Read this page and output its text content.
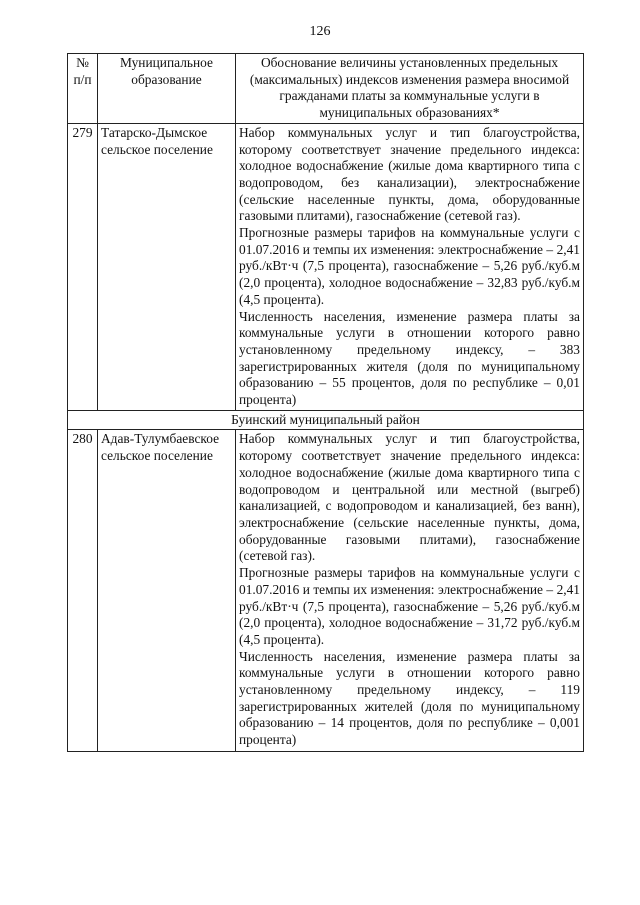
126
№ п/п	Муниципальное образование	Обоснование величины установленных предельных (максимальных) индексов изменения размера вносимой гражданами платы за коммунальные услуги в муниципальных образованиях*
279	Татарско-Дымское сельское поселение	Набор коммунальных услуг и тип благоустройства, которому соответствует значение предельного индекса: холодное водоснабжение (жилые дома квартирного типа с водопроводом, без канализации), электроснабжение (сельские населенные пункты, дома, оборудованные газовыми плитами), газоснабжение (сетевой газ).

Прогнозные размеры тарифов на коммунальные услуги с 01.07.2016 и темпы их изменения: электроснабжение – 2,41 руб./кВт·ч (7,5 процента), газоснабжение – 5,26 руб./куб.м (2,0 процента), холодное водоснабжение – 32,83 руб./куб.м (4,5 процента).

Численность населения, изменение размера платы за коммунальные услуги в отношении которого равно установленному предельному индексу, – 383 зарегистрированных жителя (доля по муниципальному образованию – 55 процентов, доля по республике – 0,01 процента)

Буинский муниципальный район		
280	Адав-Тулумбаевское сельское поселение	Набор коммунальных услуг и тип благоустройства, которому соответствует значение предельного индекса: холодное водоснабжение (жилые дома квартирного типа с водопроводом и центральной или местной (выгреб) канализацией, с водопроводом и канализацией, без ванн), электроснабжение (сельские населенные пункты, дома, оборудованные газовыми плитами), газоснабжение (сетевой газ).

Прогнозные размеры тарифов на коммунальные услуги с 01.07.2016 и темпы их изменения: электроснабжение – 2,41 руб./кВт·ч (7,5 процента), газоснабжение – 5,26 руб./куб.м (2,0 процента), холодное водоснабжение – 31,72 руб./куб.м (4,5 процента).

Численность населения, изменение размера платы за коммунальные услуги в отношении которого равно установленному предельному индексу, – 119 зарегистрированных жителей (доля по муниципальному образованию – 14 процентов, доля по республике – 0,001 процента)
